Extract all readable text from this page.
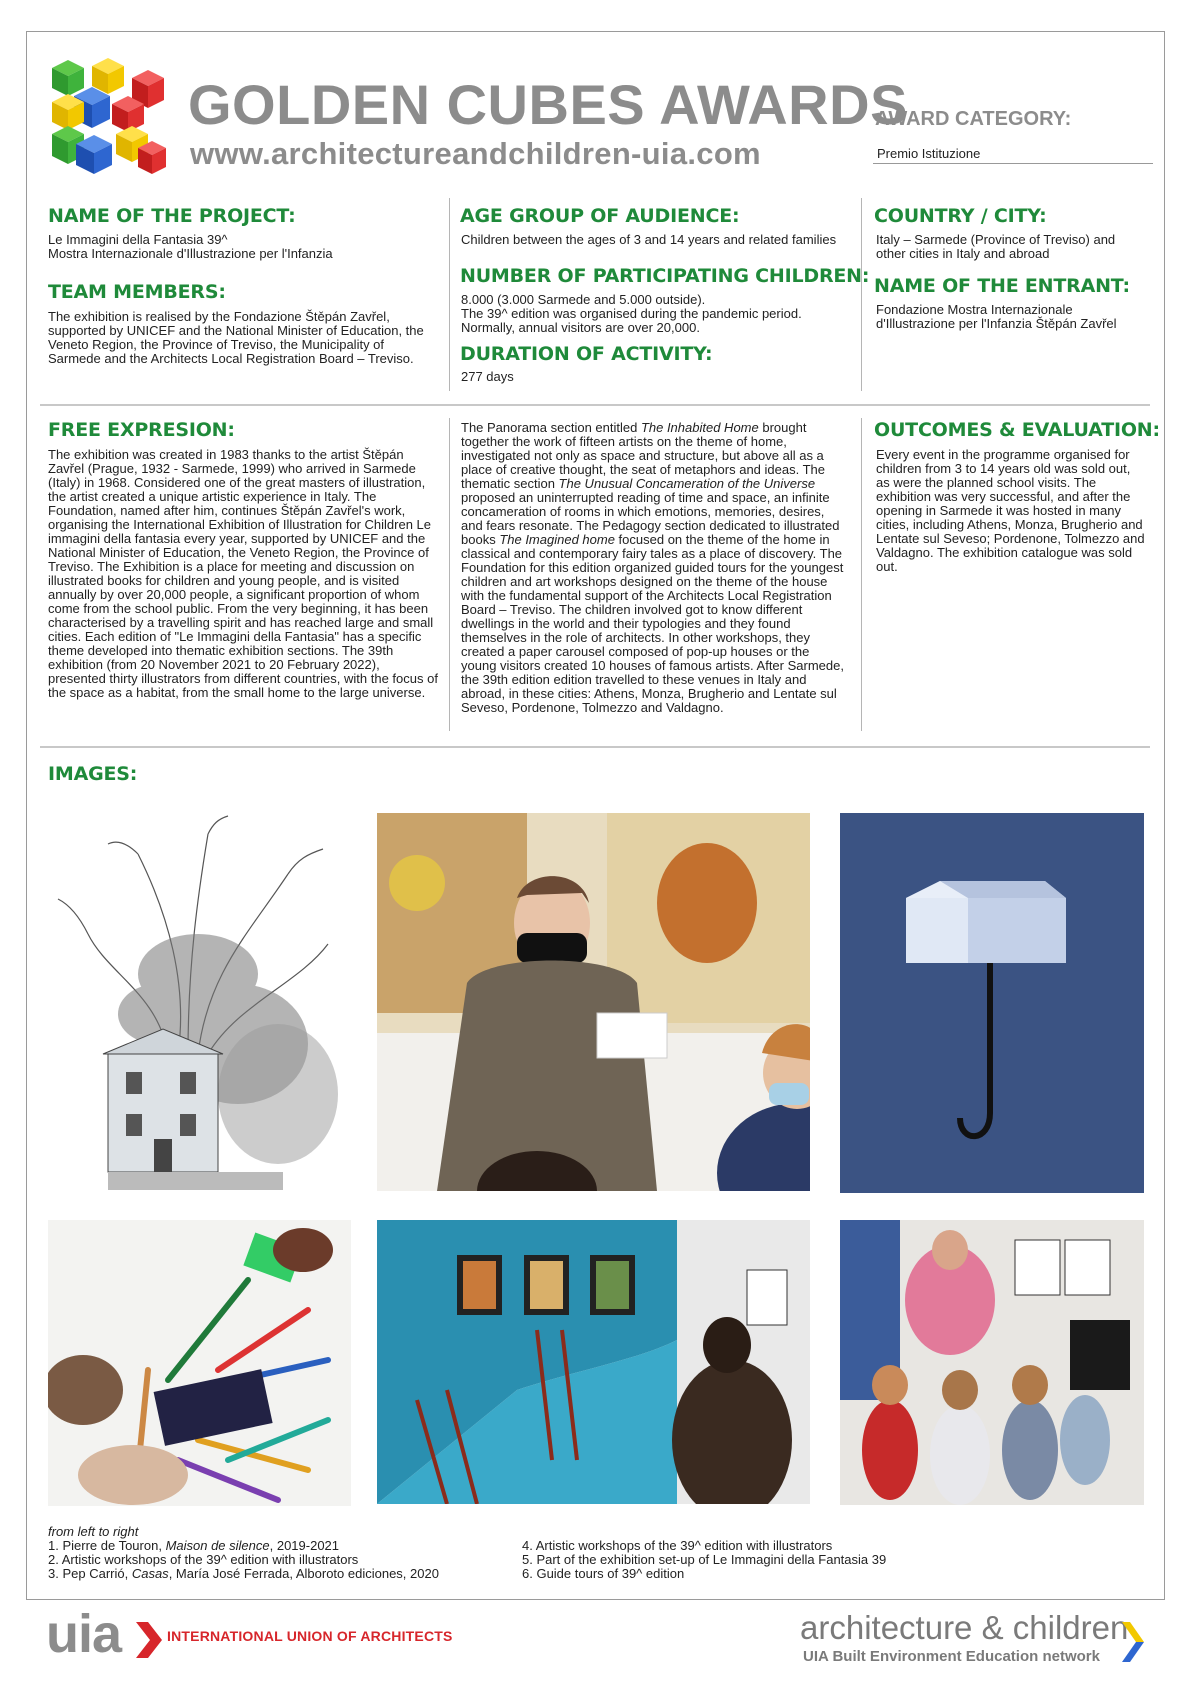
GOLDEN CUBES AWARDS
www.architectureandchildren-uia.com
AWARD CATEGORY:
Premio Istituzione
NAME OF THE PROJECT:
Le Immagini della Fantasia 39^
Mostra Internazionale d'Illustrazione per l'Infanzia
TEAM MEMBERS:
The exhibition is realised by the Fondazione Štěpán Zavřel, supported by UNICEF and the National Minister of Education, the Veneto Region, the Province of Treviso, the Municipality of Sarmede and the Architects Local Registration Board – Treviso.
AGE GROUP OF AUDIENCE:
Children between the ages of 3 and 14 years and related families
NUMBER OF PARTICIPATING CHILDREN:
8.000 (3.000 Sarmede and 5.000 outside).
The 39^ edition was organised during the pandemic period. Normally, annual visitors are over 20,000.
DURATION OF ACTIVITY:
277 days
COUNTRY / CITY:
Italy – Sarmede (Province of Treviso) and other cities in Italy and abroad
NAME OF THE ENTRANT:
Fondazione Mostra Internazionale d'Illustrazione per l'Infanzia Štěpán Zavřel
FREE EXPRESION:
The exhibition was created in 1983 thanks to the artist Štěpán Zavřel (Prague, 1932 - Sarmede, 1999) who arrived in Sarmede (Italy) in 1968. Considered one of the great masters of illustration, the artist created a unique artistic experience in Italy. The Foundation, named after him, continues Štěpán Zavřel's work, organising the International Exhibition of Illustration for Children Le immagini della fantasia every year, supported by UNICEF and the National Minister of Education, the Veneto Region, the Province of Treviso. The Exhibition is a place for meeting and discussion on illustrated books for children and young people, and is visited annually by over 20,000 people, a significant proportion of whom come from the school public. From the very beginning, it has been characterised by a travelling spirit and has reached large and small cities. Each edition of "Le Immagini della Fantasia" has a specific theme developed into thematic exhibition sections. The 39th exhibition (from 20 November 2021 to 20 February 2022), presented thirty illustrators from different countries, with the focus of the space as a habitat, from the small home to the large universe.
The Panorama section entitled The Inhabited Home brought together the work of fifteen artists on the theme of home, investigated not only as space and structure, but above all as a place of creative thought, the seat of metaphors and ideas. The thematic section The Unusual Concameration of the Universe proposed an uninterrupted reading of time and space, an infinite concameration of rooms in which emotions, memories, desires, and fears resonate. The Pedagogy section dedicated to illustrated books The Imagined home focused on the theme of the home in classical and contemporary fairy tales as a place of discovery. The Foundation for this edition organized guided tours for the youngest children and art workshops designed on the theme of the house with the fundamental support of the Architects Local Registration Board – Treviso. The children involved got to know different dwellings in the world and their typologies and they found themselves in the role of architects. In other workshops, they created a paper carousel composed of pop-up houses or the young visitors created 10 houses of famous artists. After Sarmede, the 39th edition edition travelled to these venues in Italy and abroad, in these cities: Athens, Monza, Brugherio and Lentate sul Seveso, Pordenone, Tolmezzo and Valdagno.
OUTCOMES & EVALUATION:
Every event in the programme organised for children from 3 to 14 years old was sold out, as were the planned school visits. The exhibition was very successful, and after the opening in Sarmede it was hosted in many cities, including Athens, Monza, Brugherio and Lentate sul Seveso; Pordenone, Tolmezzo and Valdagno. The exhibition catalogue was sold out.
IMAGES:
from left to right
1. Pierre de Touron, Maison de silence, 2019-2021
2. Artistic workshops of the 39^ edition with illustrators
3. Pep Carrió, Casas, María José Ferrada, Alboroto ediciones, 2020
4. Artistic workshops of the 39^ edition with illustrators
5. Part of the exhibition set-up of Le Immagini della Fantasia 39
6. Guide tours of 39^ edition
uia	INTERNATIONAL UNION OF ARCHITECTS	architecture & children
UIA Built Environment Education network
